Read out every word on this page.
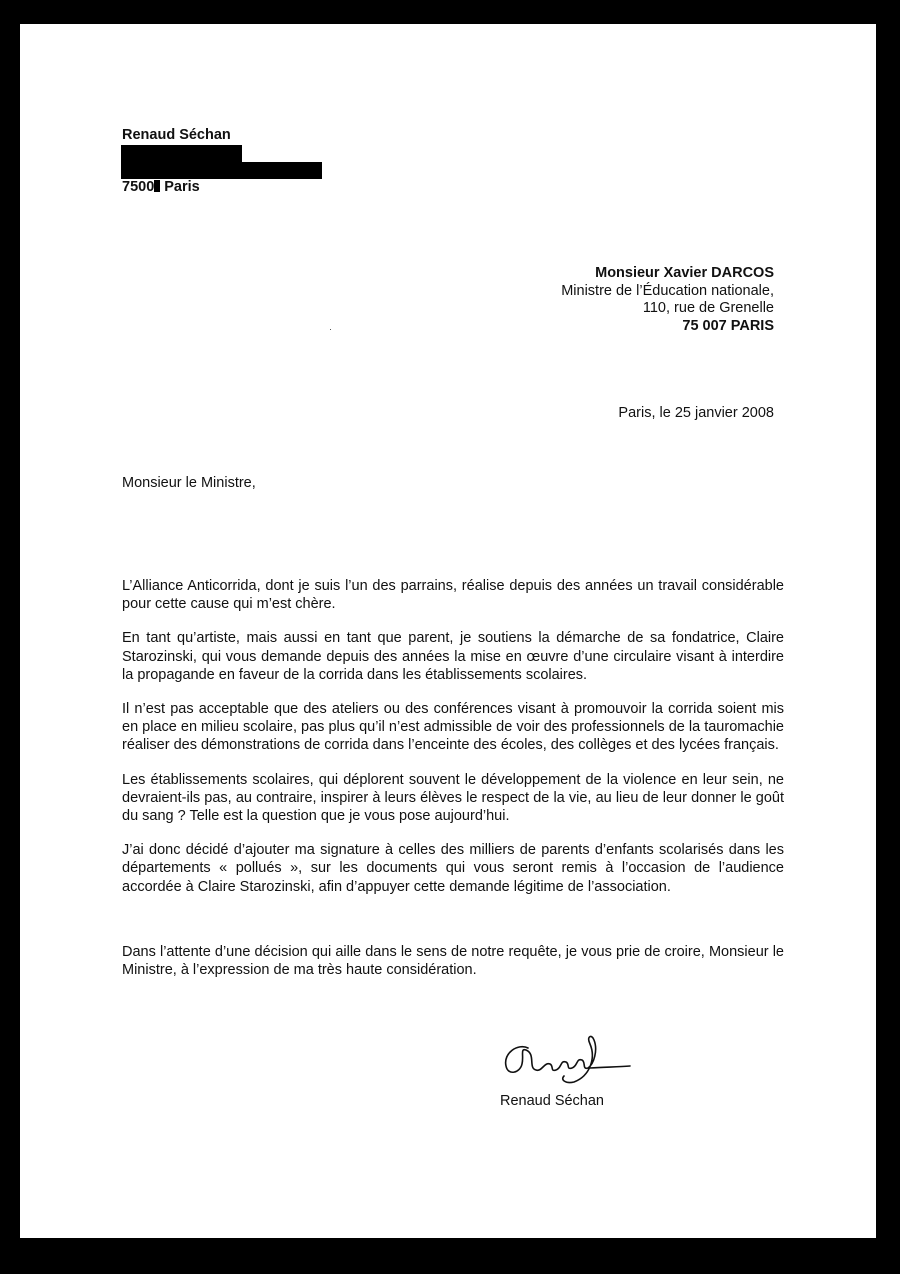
Renaud Séchan
7500 Paris
Monsieur Xavier DARCOS
Ministre de l’Éducation nationale,
110, rue de Grenelle
75 007 PARIS
Paris, le 25 janvier 2008
Monsieur le Ministre,

L’Alliance Anticorrida, dont je suis l’un des parrains, réalise depuis des années un travail considérable pour cette cause qui m’est chère.

En tant qu’artiste, mais aussi en tant que parent, je soutiens la démarche de sa fondatrice, Claire Starozinski, qui vous demande depuis des années la mise en œuvre d’une circulaire visant à interdire la propagande en faveur de la corrida dans les établissements scolaires.

Il n’est pas acceptable que des ateliers ou des conférences visant à promouvoir la corrida soient mis en place en milieu scolaire, pas plus qu’il n’est admissible de voir des professionnels de la tauromachie réaliser des démonstrations de corrida dans l’enceinte des écoles, des collèges et des lycées français.

Les établissements scolaires, qui déplorent souvent le développement de la violence en leur sein, ne devraient-ils pas, au contraire, inspirer à leurs élèves le respect de la vie, au lieu de leur donner le goût du sang ? Telle est la question que je vous pose aujourd’hui.

J’ai donc décidé d’ajouter ma signature à celles des milliers de parents d’enfants scolarisés dans les départements « pollués », sur les documents qui vous seront remis à l’occasion de l’audience accordée à Claire Starozinski, afin d’appuyer cette demande légitime de l’association.

Dans l’attente d’une décision qui aille dans le sens de notre requête, je vous prie de croire, Monsieur le Ministre, à l’expression de ma très haute considération.
Renaud Séchan
